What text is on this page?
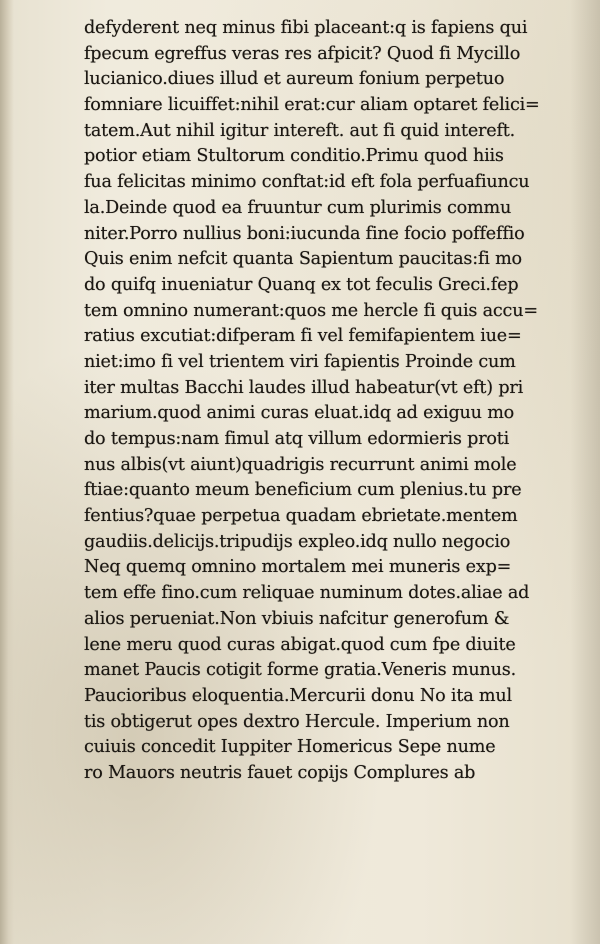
defyderent neq minus fibi placeant:q is fapiens qui
fpecum egreffus veras res afpicit? Quod fi Mycillo
lucianico.diues illud et aureum fonium perpetuo
fomniare licuiffet:nihil erat:cur aliam optaret felici=
tatem.Aut nihil igitur intereft. aut fi quid intereft.
potior etiam Stultorum conditio.Primu quod hiis
fua felicitas minimo conftat:id eft fola perfuafiuncu
la.Deinde quod ea fruuntur cum plurimis commu
niter.Porro nullius boni:iucunda fine focio poffeffio
Quis enim nefcit quanta Sapientum paucitas:fi mo
do quifq inueniatur Quanq ex tot feculis Greci.fep
tem omnino numerant:quos me hercle fi quis accu=
ratius excutiat:difperam fi vel femifapientem iue=
niet:imo fi vel trientem viri fapientis Proinde cum
iter multas Bacchi laudes illud habeatur(vt eft) pri
marium.quod animi curas eluat.idq ad exiguu mo
do tempus:nam fimul atq villum edormieris proti
nus albis(vt aiunt)quadrigis recurrunt animi mole
ftiae:quanto meum beneficium cum plenius.tu pre
fentius?quae perpetua quadam ebrietate.mentem
gaudiis.delicijs.tripudijs expleo.idq nullo negocio
Neq quemq omnino mortalem mei muneris exp=
tem effe fino.cum reliquae numinum dotes.aliae ad
alios perueniat.Non vbiuis nafcitur generofum &
lene meru quod curas abigat.quod cum fpe diuite
manet Paucis cotigit forme gratia.Veneris munus.
Paucioribus eloquentia.Mercurii donu No ita mul
tis obtigerut opes dextro Hercule. Imperium non
cuiuis concedit Iuppiter Homericus Sepe nume
ro Mauors neutris fauet copijs Complures ab
